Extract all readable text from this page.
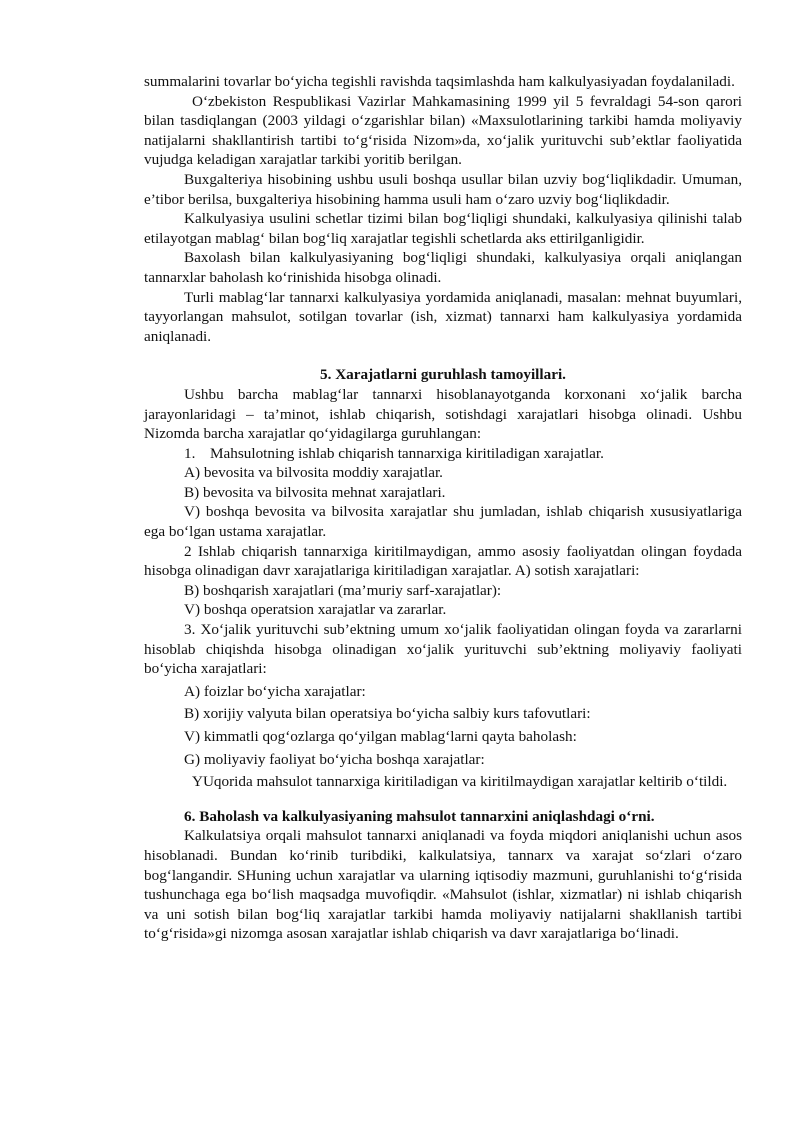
summalarini tovarlar bo‘yicha tegishli ravishda taqsimlashda ham kalkulyasiyadan foydalaniladi.

O‘zbekiston Respublikasi Vazirlar Mahkamasining 1999 yil 5 fevraldagi 54-son qarori bilan tasdiqlangan (2003 yildagi o‘zgarishlar bilan) «Maxsulotlarining tarkibi hamda moliyaviy natijalarni shakllantirish tartibi to‘g‘risida Nizom»da, xo‘jalik yurituvchi sub’ektlar faoliyatida vujudga keladigan xarajatlar tarkibi yoritib berilgan.

Buxgalteriya hisobining ushbu usuli boshqa usullar bilan uzviy bog‘liqlikdadir. Umuman, e’tibor berilsa, buxgalteriya hisobining hamma usuli ham o‘zaro uzviy bog‘liqlikdadir.

Kalkulyasiya usulini schetlar tizimi bilan bog‘liqligi shundaki, kalkulyasiya qilinishi talab etilayotgan mablag‘ bilan bog‘liq xarajatlar tegishli schetlarda aks ettirilganligidir.

Baxolash bilan kalkulyasiyaning bog‘liqligi shundaki, kalkulyasiya orqali aniqlangan tannarxlar baholash ko‘rinishida hisobga olinadi.

Turli mablag‘lar tannarxi kalkulyasiya yordamida aniqlanadi, masalan: mehnat buyumlari, tayyorlangan mahsulot, sotilgan tovarlar (ish, xizmat) tannarxi ham kalkulyasiya yordamida aniqlanadi.

5. Xarajatlarni guruhlash tamoyillari.

Ushbu barcha mablag‘lar tannarxi hisoblanayotganda korxonani xo‘jalik barcha jarayonlaridagi – ta’minot, ishlab chiqarish, sotishdagi xarajatlari hisobga olinadi. Ushbu Nizomda barcha xarajatlar qo‘yidagilarga guruhlangan:

1. Mahsulotning ishlab chiqarish tannarxiga kiritiladigan xarajatlar.

A) bevosita va bilvosita moddiy xarajatlar.

B) bevosita va bilvosita mehnat xarajatlari.

V) boshqa bevosita va bilvosita xarajatlar shu jumladan, ishlab chiqarish xususiyatlariga ega bo‘lgan ustama xarajatlar.

2 Ishlab chiqarish tannarxiga kiritilmaydigan, ammo asosiy faoliyatdan olingan foydada hisobga olinadigan davr xarajatlariga kiritiladigan xarajatlar. A) sotish xarajatlari:

B) boshqarish xarajatlari (ma’muriy sarf-xarajatlar):

V) boshqa operatsion xarajatlar va zararlar.

3. Xo‘jalik yurituvchi sub’ektning umum xo‘jalik faoliyatidan olingan foyda va zararlarni hisoblab chiqishda hisobga olinadigan xo‘jalik yurituvchi sub’ektning moliyaviy faoliyati bo‘yicha xarajatlari:

A) foizlar bo‘yicha xarajatlar:

B) xorijiy valyuta bilan operatsiya bo‘yicha salbiy kurs tafovutlari:

V) kimmatli qog‘ozlarga qo‘yilgan mablag‘larni qayta baholash:

G) moliyaviy faoliyat bo‘yicha boshqa xarajatlar:

YUqorida mahsulot tannarxiga kiritiladigan va kiritilmaydigan xarajatlar keltirib o‘tildi.

6. Baholash va kalkulyasiyaning mahsulot tannarxini aniqlashdagi o‘rni.

Kalkulatsiya orqali mahsulot tannarxi aniqlanadi va foyda miqdori aniqlanishi uchun asos hisoblanadi. Bundan ko‘rinib turibdiki, kalkulatsiya, tannarx va xarajat so‘zlari o‘zaro bog‘langandir. SHuning uchun xarajatlar va ularning iqtisodiy mazmuni, guruhlanishi to‘g‘risida tushunchaga ega bo‘lish maqsadga muvofiqdir. «Mahsulot (ishlar, xizmatlar) ni ishlab chiqarish va uni sotish bilan bog‘liq xarajatlar tarkibi hamda moliyaviy natijalarni shakllanish tartibi to‘g‘risida»gi nizomga asosan xarajatlar ishlab chiqarish va davr xarajatlariga bo‘linadi.
